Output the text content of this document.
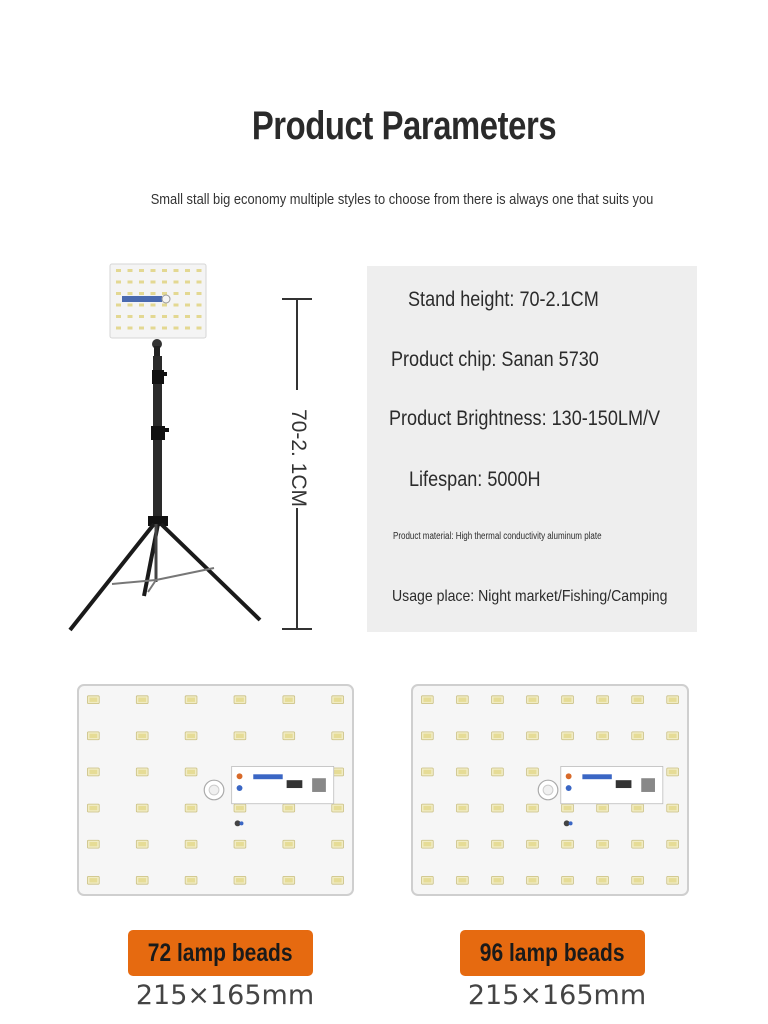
Product Parameters
Small stall big economy multiple styles to choose from there is always one that suits you
70-2. 1CM
Stand height: 70-2.1CM
Product chip: Sanan 5730
Product Brightness: 130-150LM/V
Lifespan: 5000H
Product material: High thermal conductivity aluminum plate
Usage place: Night market/Fishing/Camping
72 lamp beads	96 lamp beads
215×165mm	215×165mm
